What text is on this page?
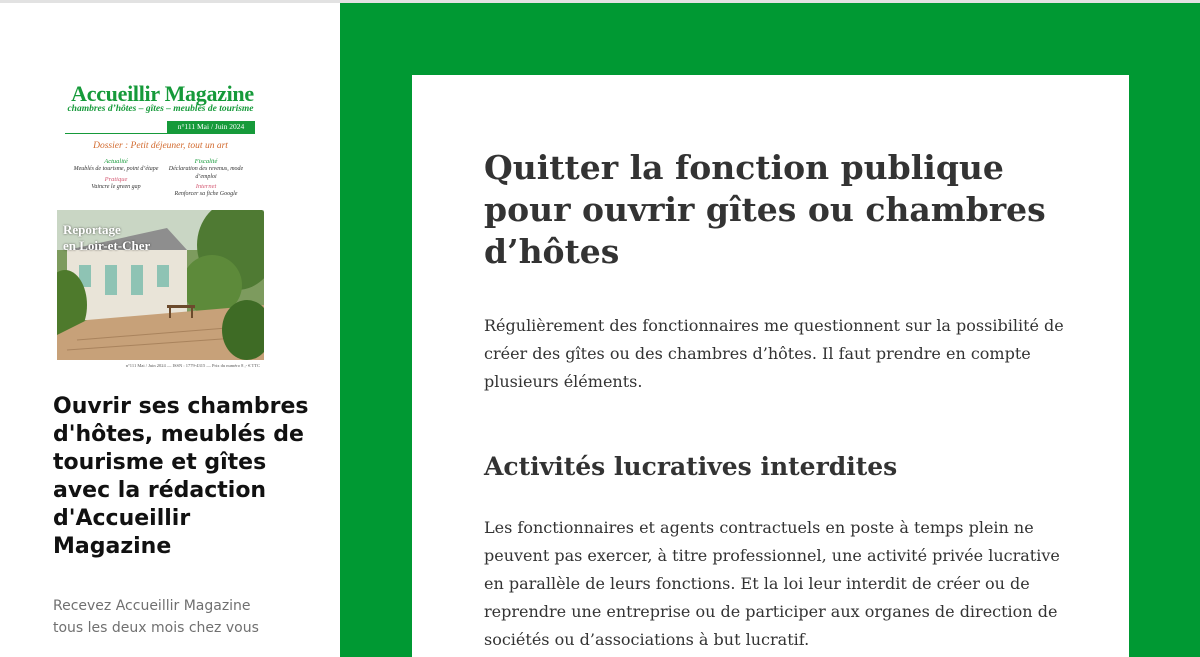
Accueillir Magazine
chambres d’hôtes – gîtes – meublés de tourisme
n°111 Mai / Juin 2024
Dossier : Petit déjeuner, tout un art
Actualité
Meublés de tourisme, point d’étape
Pratique
Vaincre le green gap
Fiscalité
Déclaration des revenus, mode d’emploi
Internet
Renforcer sa fiche Google
Reportage
en Loir-et-Cher
n°111 Mai / Juin 2024 — ISSN : 1779-4315 — Prix du numéro 8 ,- € TTC
Ouvrir ses chambres d'hôtes, meublés de tourisme et gîtes avec la rédaction d'Accueillir Magazine
Recevez Accueillir Magazine tous les deux mois chez vous
Quitter la fonction publique pour ouvrir gîtes ou chambres d’hôtes

Régulièrement des fonctionnaires me questionnent sur la possibilité de créer des gîtes ou des chambres d’hôtes. Il faut prendre en compte plusieurs éléments.

Activités lucratives interdites

Les fonctionnaires et agents contractuels en poste à temps plein ne peuvent pas exercer, à titre professionnel, une activité privée lucrative en parallèle de leurs fonctions. Et la loi leur interdit de créer ou de reprendre une entreprise ou de participer aux organes de direction de sociétés ou d’associations à but lucratif.
